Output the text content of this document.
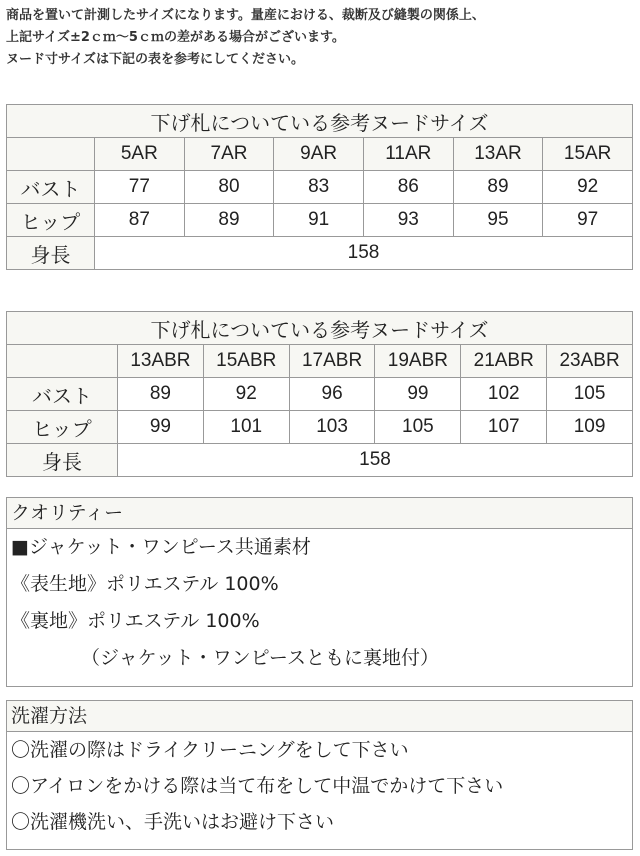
商品を置いて計測したサイズになります。量産における、裁断及び縫製の関係上、

上記サイズ±2ｃｍ～5ｃｍの差がある場合がございます。

ヌード寸サイズは下記の表を参考にしてください。

下げ札についている参考ヌードサイズ						
	5AR	7AR	9AR	11AR	13AR	15AR
バスト	77	80	83	86	89	92
ヒップ	87	89	91	93	95	97
身長	158					
下げ札についている参考ヌードサイズ						
	13ABR	15ABR	17ABR	19ABR	21ABR	23ABR
バスト	89	92	96	99	102	105
ヒップ	99	101	103	105	107	109
身長	158					
クオリティー
■ジャケット・ワンピース共通素材
《表生地》ポリエステル 100%
《裏地》ポリエステル 100%
（ジャケット・ワンピースともに裏地付）
洗濯方法
〇洗濯の際はドライクリーニングをして下さい
〇アイロンをかける際は当て布をして中温でかけて下さい
〇洗濯機洗い、手洗いはお避け下さい
